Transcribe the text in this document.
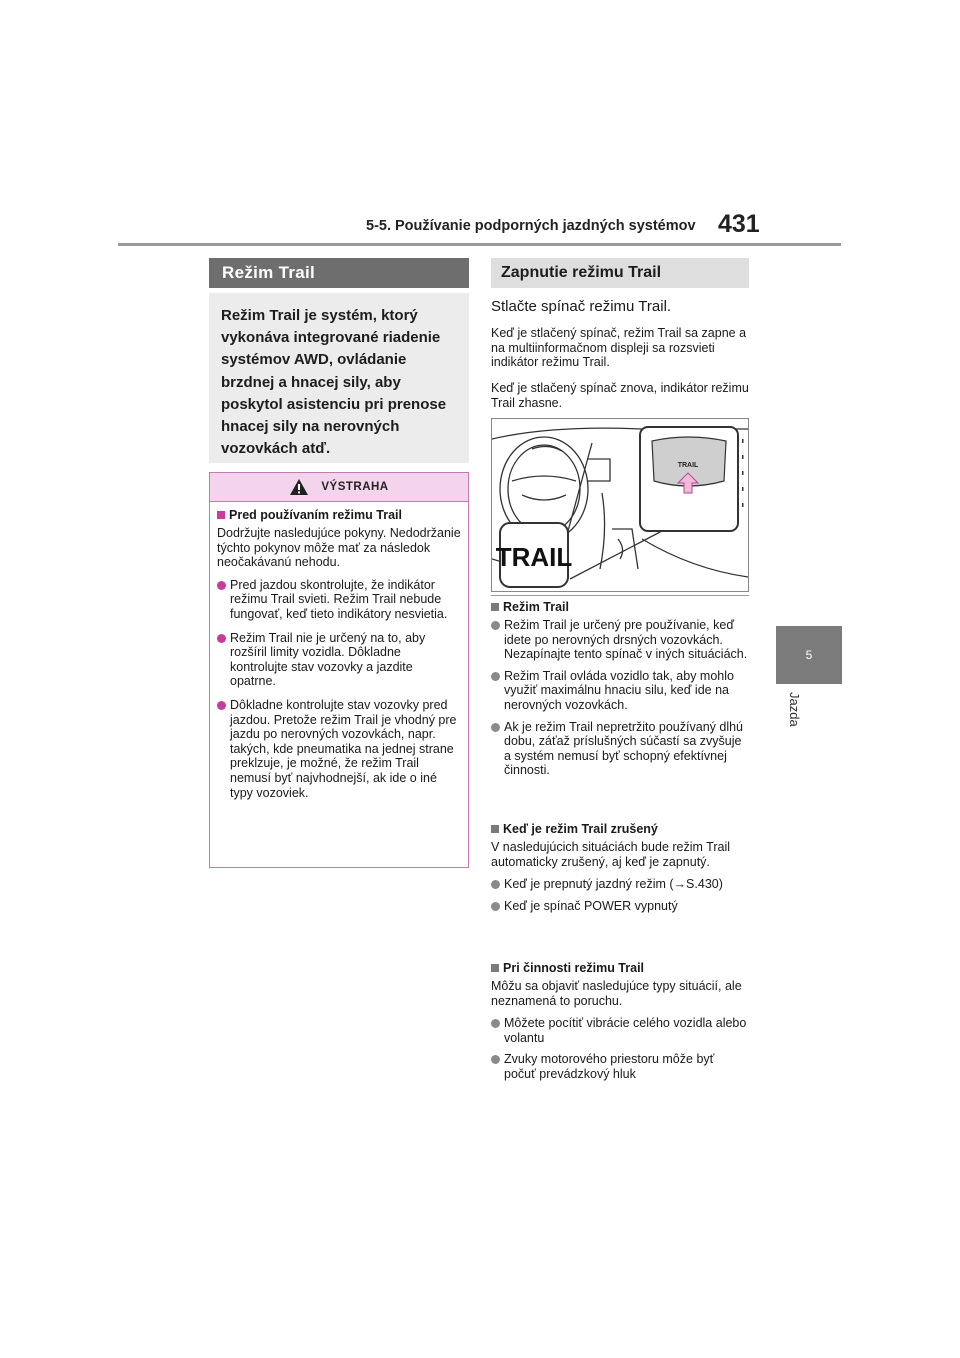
5-5. Používanie podporných jazdných systémov 431
5
Jazda
Režim Trail
Režim Trail je systém, ktorý vykonáva integrované riadenie systémov AWD, ovládanie brzdnej a hnacej sily, aby poskytol asistenciu pri prenose hnacej sily na nerovných vozovkách atď.
VÝSTRAHA
Pred používaním režimu Trail
Dodržujte nasledujúce pokyny. Nedodržanie týchto pokynov môže mať za následok neočakávanú nehodu.
Pred jazdou skontrolujte, že indikátor režimu Trail svieti. Režim Trail nebude fungovať, keď tieto indikátory nesvietia.
Režim Trail nie je určený na to, aby rozšíril limity vozidla. Dôkladne kontrolujte stav vozovky a jazdite opatrne.
Dôkladne kontrolujte stav vozovky pred jazdou. Pretože režim Trail je vhodný pre jazdu po nerovných vozovkách, napr. takých, kde pneumatika na jednej strane preklzuje, je možné, že režim Trail nemusí byť najvhodnejší, ak ide o iné typy vozoviek.
Zapnutie režimu Trail
Stlačte spínač režimu Trail.
Keď je stlačený spínač, režim Trail sa zapne a na multiinformačnom displeji sa rozsvieti indikátor režimu Trail.
Keď je stlačený spínač znova, indikátor režimu Trail zhasne.
TRAIL
TRAIL
Režim Trail
Režim Trail je určený pre používanie, keď idete po nerovných drsných vozovkách. Nezapínajte tento spínač v iných situáciách.
Režim Trail ovláda vozidlo tak, aby mohlo využiť maximálnu hnaciu silu, keď ide na nerovných vozovkách.
Ak je režim Trail nepretržito používaný dlhú dobu, záťaž príslušných súčastí sa zvyšuje a systém nemusí byť schopný efektívnej činnosti.
Keď je režim Trail zrušený
V nasledujúcich situáciách bude režim Trail automaticky zrušený, aj keď je zapnutý.
Keď je prepnutý jazdný režim (→S.430)
Keď je spínač POWER vypnutý
Pri činnosti režimu Trail
Môžu sa objaviť nasledujúce typy situácií, ale neznamená to poruchu.
Môžete pocítiť vibrácie celého vozidla alebo volantu
Zvuky motorového priestoru môže byť počuť prevádzkový hluk
